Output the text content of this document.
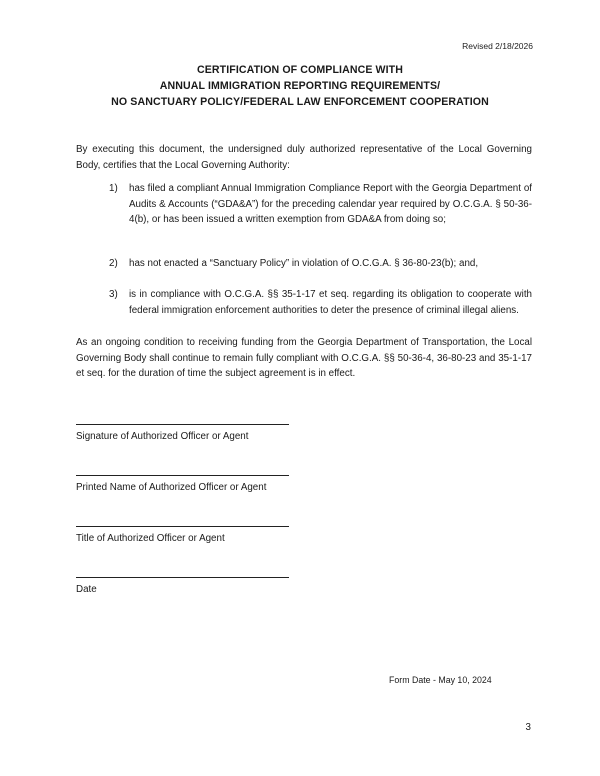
Revised 2/18/2026
CERTIFICATION OF COMPLIANCE WITH
ANNUAL IMMIGRATION REPORTING REQUIREMENTS/
NO SANCTUARY POLICY/FEDERAL LAW ENFORCEMENT COOPERATION
By executing this document, the undersigned duly authorized representative of the Local Governing Body, certifies that the Local Governing Authority:
1) has filed a compliant Annual Immigration Compliance Report with the Georgia Department of Audits & Accounts (“GDA&A”) for the preceding calendar year required by O.C.G.A. § 50-36-4(b), or has been issued a written exemption from GDA&A from doing so;
2) has not enacted a “Sanctuary Policy” in violation of O.C.G.A. § 36-80-23(b); and,
3) is in compliance with O.C.G.A. §§ 35-1-17 et seq. regarding its obligation to cooperate with federal immigration enforcement authorities to deter the presence of criminal illegal aliens.
As an ongoing condition to receiving funding from the Georgia Department of Transportation, the Local Governing Body shall continue to remain fully compliant with O.C.G.A. §§ 50-36-4, 36-80-23 and 35-1-17 et seq. for the duration of time the subject agreement is in effect.
Signature of Authorized Officer or Agent
Printed Name of Authorized Officer or Agent
Title of Authorized Officer or Agent
Date
Form Date - May 10, 2024
3
